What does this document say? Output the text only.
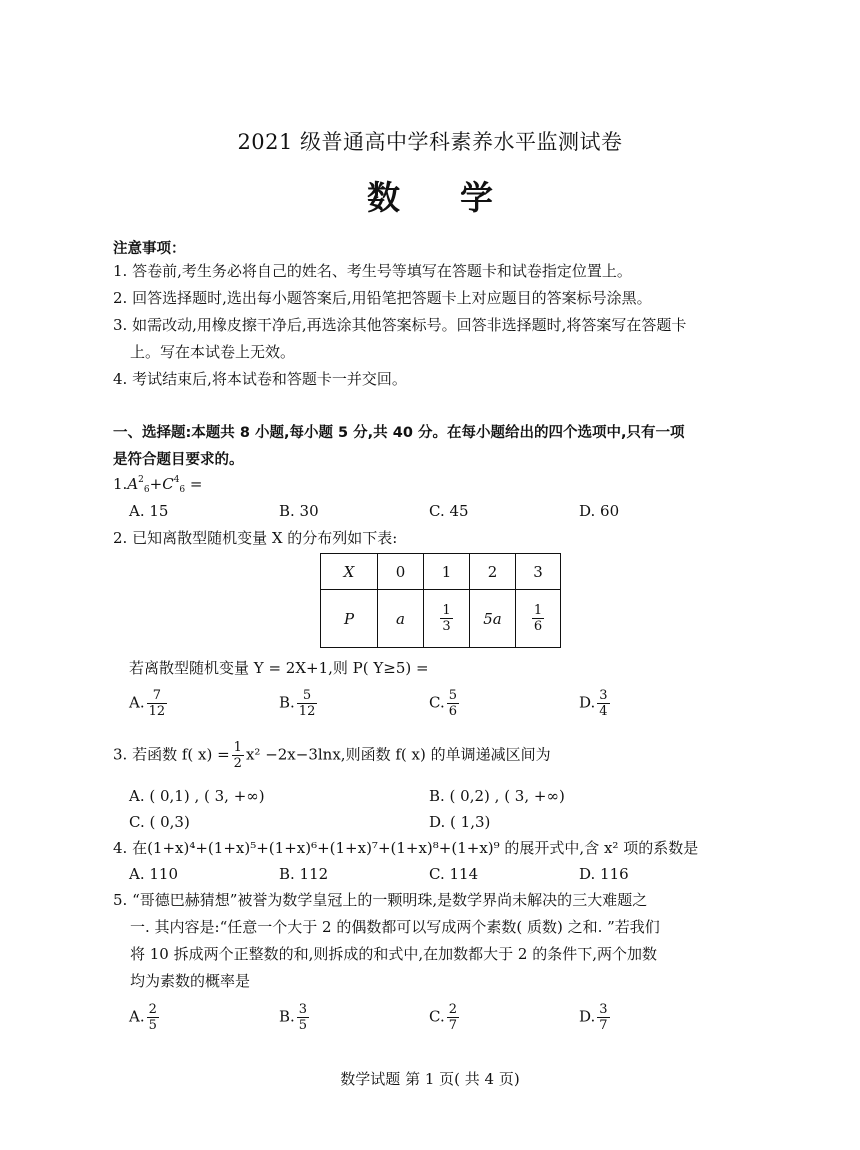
2021 级普通高中学科素养水平监测试卷
数学
注意事项：
1. 答卷前,考生务必将自己的姓名、考生号等填写在答题卡和试卷指定位置上。
2. 回答选择题时,选出每小题答案后,用铅笔把答题卡上对应题目的答案标号涂黑。
3. 如需改动,用橡皮擦干净后,再选涂其他答案标号。回答非选择题时,将答案写在答题卡
上。写在本试卷上无效。
4. 考试结束后,将本试卷和答题卡一并交回。
一、选择题:本题共 8 小题,每小题 5 分,共 40 分。在每小题给出的四个选项中,只有一项
是符合题目要求的。
$1.A^2_6+C^4_6$ =
A. 15	B. 30	C. 45	D. 60
2. 已知离散型随机变量 X 的分布列如下表:
X	0	1	2	3
P	a	$\frac{1}{3}$	5a	$\frac{1}{6}$
若离散型随机变量 Y = 2X+1,则 P( Y≥5) =
A. $\frac{7}{12}$	B. $\frac{5}{12}$	C. $\frac{5}{6}$	D. $\frac{3}{4}$
3. 若函数 f( $x) = \frac{1}{2} x^2 -2x-3\ln x$,则函数 f( x) 的单调递减区间为
A. ( 0,1) , ( 3, +∞)	B. ( 0,2) , ( 3, +∞)
C. ( 0,3)	D. ( 1,3)
4. 在(1+x)⁴+(1+x)⁵+(1+x)⁶+(1+x)⁷+(1+x)⁸+(1+x)⁹ 的展开式中,含 x² 项的系数是
A. 110	B. 112	C. 114	D. 116
5. “哥德巴赫猜想”被誉为数学皇冠上的一颗明珠,是数学界尚未解决的三大难题之
一. 其内容是:“任意一个大于 2 的偶数都可以写成两个素数( 质数) 之和. ”若我们
将 10 拆成两个正整数的和,则拆成的和式中,在加数都大于 2 的条件下,两个加数
均为素数的概率是
A. $\frac{2}{5}$	B. $\frac{3}{5}$	C. $\frac{2}{7}$	D. $\frac{3}{7}$
数学试题 第 1 页( 共 4 页)
